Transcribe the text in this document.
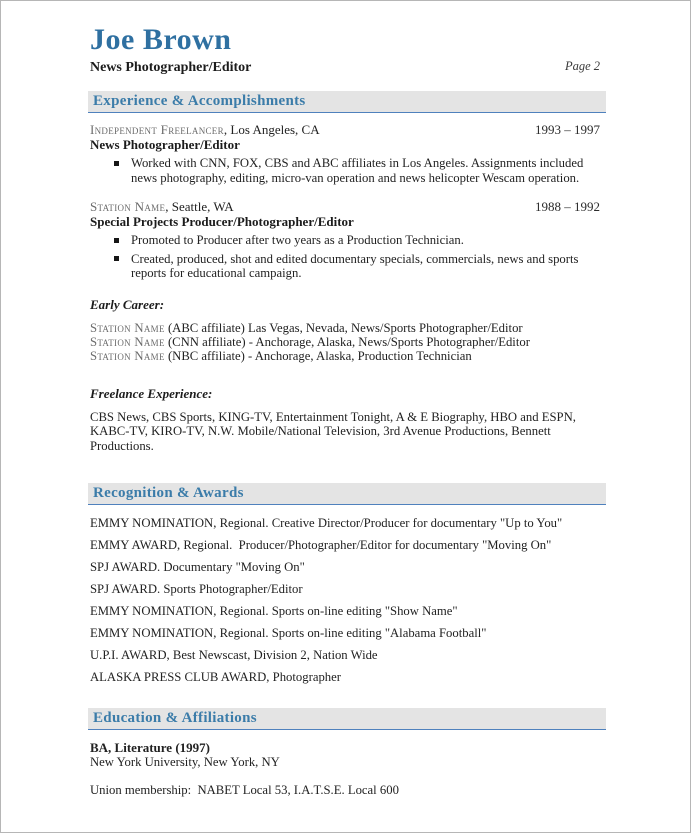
Joe Brown
News Photographer/Editor	Page 2
Experience & Accomplishments
Independent Freelancer, Los Angeles, CA	1993 – 1997
News Photographer/Editor
Worked with CNN, FOX, CBS and ABC affiliates in Los Angeles. Assignments included news photography, editing, micro-van operation and news helicopter Wescam operation.
Station Name, Seattle, WA	1988 – 1992
Special Projects Producer/Photographer/Editor
Promoted to Producer after two years as a Production Technician.
Created, produced, shot and edited documentary specials, commercials, news and sports reports for educational campaign.
Early Career:
Station Name (ABC affiliate) Las Vegas, Nevada, News/Sports Photographer/Editor
Station Name (CNN affiliate) - Anchorage, Alaska, News/Sports Photographer/Editor
Station Name (NBC affiliate) - Anchorage, Alaska, Production Technician
Freelance Experience:
CBS News, CBS Sports, KING-TV, Entertainment Tonight, A & E Biography, HBO and ESPN, KABC-TV, KIRO-TV, N.W. Mobile/National Television, 3rd Avenue Productions, Bennett Productions.
Recognition & Awards
EMMY NOMINATION, Regional. Creative Director/Producer for documentary "Up to You"
EMMY AWARD, Regional.  Producer/Photographer/Editor for documentary "Moving On"
SPJ AWARD. Documentary "Moving On"
SPJ AWARD. Sports Photographer/Editor
EMMY NOMINATION, Regional. Sports on-line editing "Show Name"
EMMY NOMINATION, Regional. Sports on-line editing "Alabama Football"
U.P.I. AWARD, Best Newscast, Division 2, Nation Wide
ALASKA PRESS CLUB AWARD, Photographer
Education & Affiliations
BA, Literature (1997)
New York University, New York, NY
Union membership:  NABET Local 53, I.A.T.S.E. Local 600
